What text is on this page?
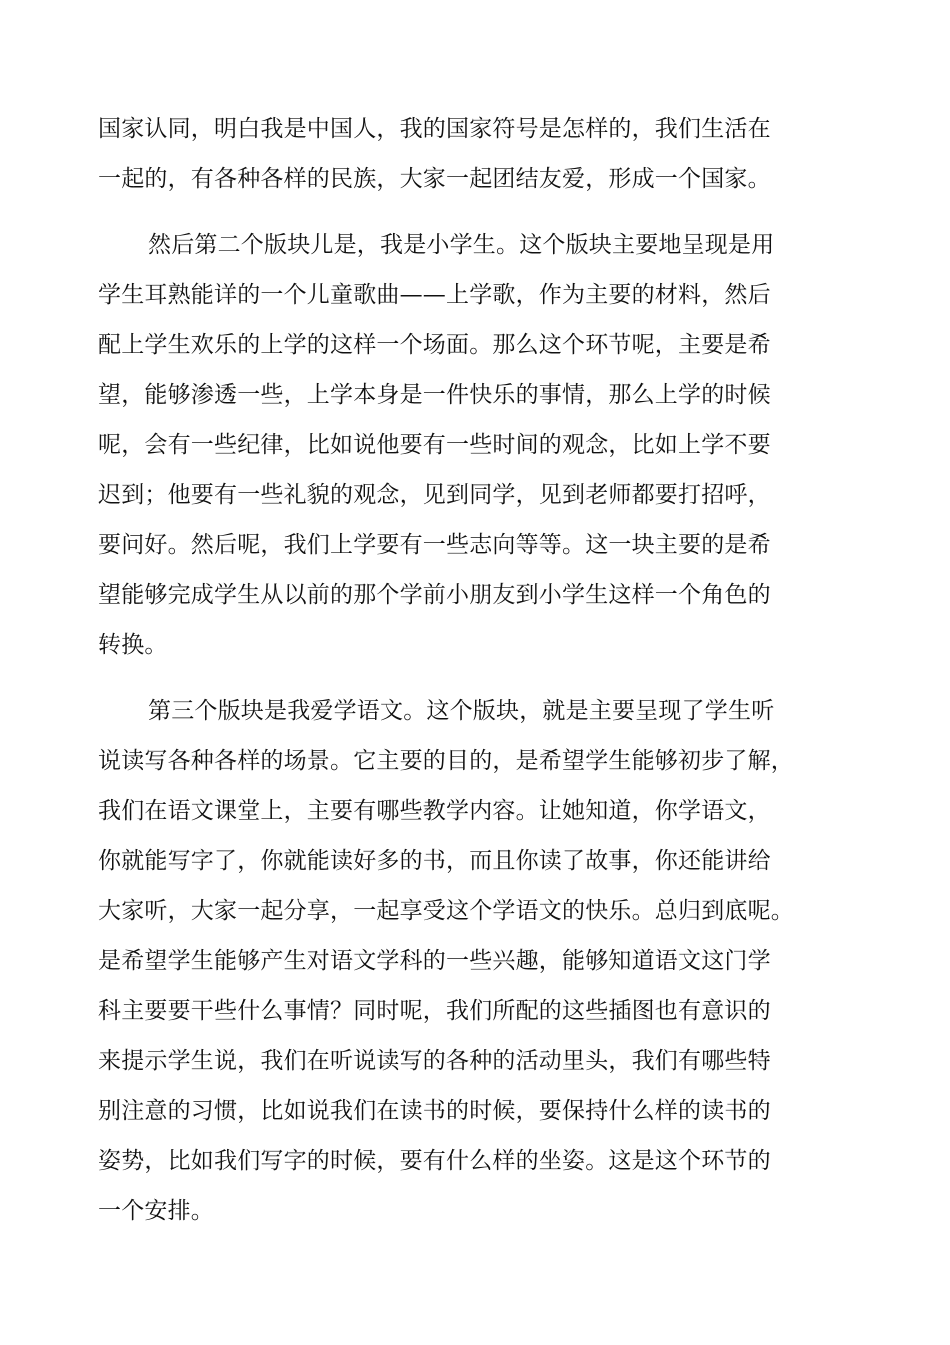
国家认同，明白我是中国人，我的国家符号是怎样的，我们生活在
一起的，有各种各样的民族，大家一起团结友爱，形成一个国家。
然后第二个版块儿是，我是小学生。这个版块主要地呈现是用
学生耳熟能详的一个儿童歌曲——上学歌，作为主要的材料，然后
配上学生欢乐的上学的这样一个场面。那么这个环节呢，主要是希
望，能够渗透一些，上学本身是一件快乐的事情，那么上学的时候
呢，会有一些纪律，比如说他要有一些时间的观念，比如上学不要
迟到；他要有一些礼貌的观念，见到同学，见到老师都要打招呼，
要问好。然后呢，我们上学要有一些志向等等。这一块主要的是希
望能够完成学生从以前的那个学前小朋友到小学生这样一个角色的
转换。
第三个版块是我爱学语文。这个版块，就是主要呈现了学生听
说读写各种各样的场景。它主要的目的，是希望学生能够初步了解，
我们在语文课堂上，主要有哪些教学内容。让她知道，你学语文，
你就能写字了，你就能读好多的书，而且你读了故事，你还能讲给
大家听，大家一起分享，一起享受这个学语文的快乐。总归到底呢。
是希望学生能够产生对语文学科的一些兴趣，能够知道语文这门学
科主要要干些什么事情？同时呢，我们所配的这些插图也有意识的
来提示学生说，我们在听说读写的各种的活动里头，我们有哪些特
别注意的习惯，比如说我们在读书的时候，要保持什么样的读书的
姿势，比如我们写字的时候，要有什么样的坐姿。这是这个环节的
一个安排。
